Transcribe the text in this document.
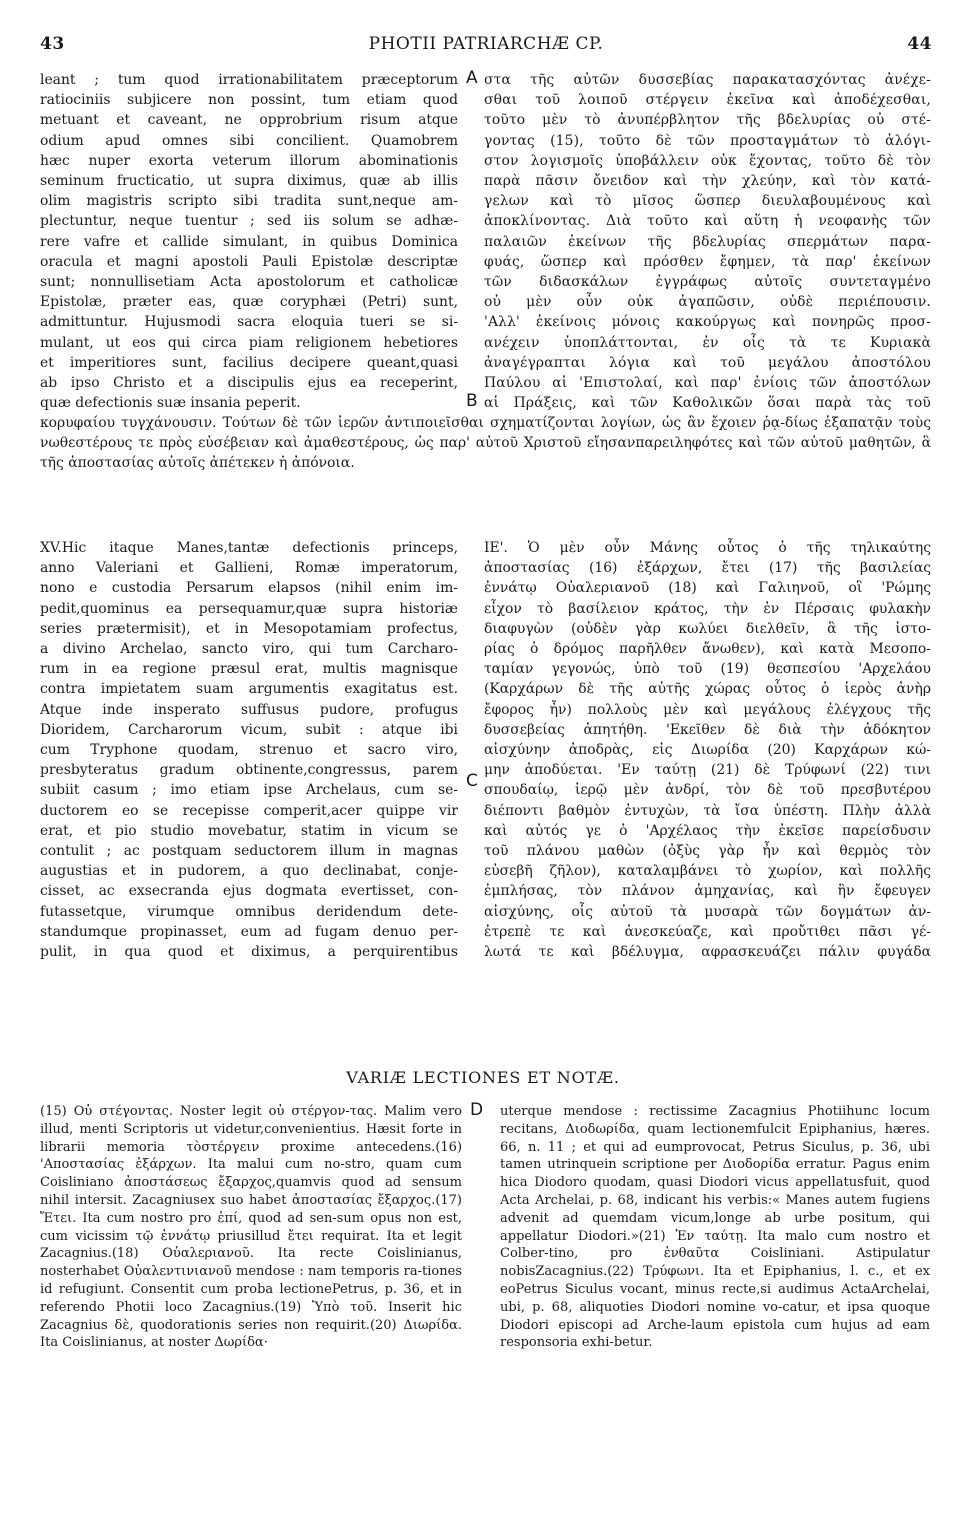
43	PHOTII PATRIARCHÆ CP.	44
leant ; tum quod irrationabilitatem præceptorum
ratiociniis subjicere non possint, tum etiam quod
metuant et caveant, ne opprobrium risum atque
odium apud omnes sibi concilient. Quamobrem
hæc nuper exorta veterum illorum abominationis
seminum fructicatio, ut supra diximus, quæ ab illis
olim magistris scripto sibi tradita sunt,neque am-
plectuntur, neque tuentur ; sed iis solum se adhæ-
rere vafre et callide simulant, in quibus Dominica
oracula et magni apostoli Pauli Epistolæ descriptæ
sunt; nonnullisetiam Acta apostolorum et catholicæ
Epistolæ, præter eas, quæ coryphæi (Petri) sunt,
admittuntur. Hujusmodi sacra eloquia tueri se si-
mulant, ut eos qui circa piam religionem hebetiores
et imperitiores sunt, facilius decipere queant,quasi
ab ipso Christo et a discipulis ejus ea receperint,
quæ defectionis suæ insania peperit.
στα τῆς αὐτῶν δυσσεβίας παρακατασχόντας ἀνέχε-
σθαι τοῦ λοιποῦ στέργειν ἐκεῖνα καὶ ἀποδέχεσθαι,
τοῦτο μὲν τὸ ἀνυπέρβλητον τῆς βδελυρίας οὐ στέ-
γοντας (15), τοῦτο δὲ τῶν προσταγμάτων τὸ ἀλόγι-
στον λογισμοῖς ὑποβάλλειν οὐκ ἔχοντας, τοῦτο δὲ τὸν
παρὰ πᾶσιν ὄνειδον καὶ τὴν χλεύην, καὶ τὸν κατά-
γελων καὶ τὸ μῖσος ὥσπερ διευλαβουμένους καὶ
ἀποκλίνοντας. Διὰ τοῦτο καὶ αὕτη ἡ νεοφανὴς τῶν
παλαιῶν ἐκείνων τῆς βδελυρίας σπερμάτων παρα-
φυάς, ὥσπερ καὶ πρόσθεν ἔφημεν, τὰ παρ' ἐκείνων
τῶν διδασκάλων ἐγγράφως αὐτοῖς συντεταγμένο
οὐ μὲν οὖν οὐκ ἀγαπῶσιν, οὐδὲ περιέπουσιν.
'Αλλ' ἐκείνοις μόνοις κακούργως καὶ πονηρῶς προσ-
ανέχειν ὑποπλάττονται, ἐν οἷς τὰ τε Κυριακὰ
ἀναγέγραπται λόγια καὶ τοῦ μεγάλου ἀποστόλου
Παύλου αἱ 'Επιστολαί, καὶ παρ' ἐνίοις τῶν ἀποστόλων
αἱ Πράξεις, καὶ τῶν Καθολικῶν ὅσαι παρὰ τὰς τοῦ
A
B
C
D
κορυφαίου τυγχάνουσιν. Τούτων δὲ τῶν ἱερῶν ἀντιποιεῖσθαι σχηματίζονται λογίων, ὡς ἂν ἔχοιεν ῥᾳ-δίως ἐξαπατᾷν τοὺς νωθεστέρους τε πρὸς εὐσέβειαν καὶ ἀμαθεστέρους, ὡς παρ' αὐτοῦ Χριστοῦ εἴησανπαρειληφότες καὶ τῶν αὐτοῦ μαθητῶν, ἃ τῆς ἀποστασίας αὐτοῖς ἀπέτεκεν ἡ ἀπόνοια.
XV.Hic itaque Manes,tantæ defectionis princeps,
anno Valeriani et Gallieni, Romæ imperatorum,
nono e custodia Persarum elapsos (nihil enim im-
pedit,quominus ea persequamur,quæ supra historiæ
series prætermisit), et in Mesopotamiam profectus,
a divino Archelao, sancto viro, qui tum Carcharo-
rum in ea regione præsul erat, multis magnisque
contra impietatem suam argumentis exagitatus est.
Atque inde insperato suffusus pudore, profugus
Dioridem, Carcharorum vicum, subit : atque ibi
cum Tryphone quodam, strenuo et sacro viro,
presbyteratus gradum obtinente,congressus, parem
subiit casum ; imo etiam ipse Archelaus, cum se-
ductorem eo se recepisse comperit,acer quippe vir
erat, et pio studio movebatur, statim in vicum se
contulit ; ac postquam seductorem illum in magnas
augustias et in pudorem, a quo declinabat, conje-
cisset, ac exsecranda ejus dogmata evertisset, con-
futassetque, virumque omnibus deridendum dete-
standumque propinasset, eum ad fugam denuo per-
pulit, in qua quod et diximus, a perquirentibus
ΙΕ'. Ὁ μὲν οὖν Μάνης οὗτος ὁ τῆς τηλικαύτης
ἀποστασίας (16) ἐξάρχων, ἔτει (17) τῆς βασιλείας
ἐννάτῳ Οὐαλεριανοῦ (18) καὶ Γαλιηνοῦ, οἳ 'Ρώμης
εἶχον τὸ βασίλειον κράτος, τὴν ἐν Πέρσαις φυλακὴν
διαφυγὼν (οὐδὲν γὰρ κωλύει διελθεῖν, ἃ τῆς ἱστο-
ρίας ὁ δρόμος παρῆλθεν ἄνωθεν), καὶ κατὰ Μεσοπο-
ταμίαν γεγονώς, ὑπὸ τοῦ (19) θεσπεσίου 'Αρχελάου
(Καρχάρων δὲ τῆς αὐτῆς χώρας οὗτος ὁ ἱερὸς ἀνὴρ
ἔφορος ἦν) πολλοὺς μὲν καὶ μεγάλους ἐλέγχους τῆς
δυσσεβείας ἀπητήθη. 'Εκεῖθεν δὲ διὰ τὴν ἀδόκητον
αἰσχύνην ἀποδρὰς, εἰς Διωρίδα (20) Καρχάρων κώ-
μην ἀποδύεται. 'Εν ταύτῃ (21) δὲ Τρύφωνί (22) τινι
σπουδαίῳ, ἱερῷ μὲν ἀνδρί, τὸν δὲ τοῦ πρεσβυτέρου
διέποντι βαθμὸν ἐντυχὼν, τὰ ἴσα ὑπέστη. Πλὴν ἀλλὰ
καὶ αὐτός γε ὁ 'Αρχέλαος τὴν ἐκεῖσε παρείσδυσιν
τοῦ πλάνου μαθὼν (ὀξὺς γὰρ ἦν καὶ θερμὸς τὸν
εὐσεβῆ ζῆλον), καταλαμβάνει τὸ χωρίον, καὶ πολλῆς
ἐμπλήσας, τὸν πλάνον ἀμηχανίας, καὶ ἣν ἔφευγεν
αἰσχύνης, οἷς αὐτοῦ τὰ μυσαρὰ τῶν δογμάτων ἀν-
ἐτρεπὲ τε καὶ ἀνεσκεύαζε, καὶ προὔτιθει πᾶσι γέ-
λωτά τε καὶ βδέλυγμα, αφρασκευάζει πάλιν φυγάδα
VARIÆ LECTIONES ET NOTÆ.
(15) Οὐ στέγοντας. Noster legit οὐ στέργον-τας. Malim vero illud, menti Scriptoris ut videtur,convenientius. Hæsit forte in librarii memoria τὸστέργειν proxime antecedens.(16) 'Αποστασίας ἐξάρχων. Ita malui cum no-stro, quam cum Coisliniano ἀποστάσεως ἔξαρχος,quamvis quod ad sensum nihil intersit. Zacagniusex suo habet ἀποστασίας ἔξαρχος.(17) Ἔτει. Ita cum nostro pro ἐπί, quod ad sen-sum opus non est, cum vicissim τῷ ἐννάτῳ priusillud ἔτει requirat. Ita et legit Zacagnius.(18) Οὐαλεριανοῦ. Ita recte Coislinianus, nosterhabet Οὐαλεντινιανοῦ mendose : nam temporis ra-tiones id refugiunt. Consentit cum proba lectionePetrus, p. 36, et in referendo Photii loco Zacagnius.(19) Ὑπὸ τοῦ. Inserit hic Zacagnius δὲ, quodorationis series non requirit.(20) Διωρίδα. Ita Coislinianus, at noster Δωρίδα·
uterque mendose : rectissime Zacagnius Photiihunc locum recitans, Διοδωρίδα, quam lectionemfulcit Epiphanius, hæres. 66, n. 11 ; et qui ad eumprovocat, Petrus Siculus, p. 36, ubi tamen utrinquein scriptione per Διοδορίδα erratur. Pagus enim hica Diodoro quodam, quasi Diodori vicus appellatusfuit, quod Acta Archelai, p. 68, indicant his verbis:« Manes autem fugiens advenit ad quemdam vicum,longe ab urbe positum, qui appellatur Diodori.»(21) Ἐν ταύτῃ. Ita malo cum nostro et Colber-tino, pro ἐνθαῦτα Coisliniani. Astipulatur nobisZacagnius.(22) Τρύφωνι. Ita et Epiphanius, l. c., et ex eoPetrus Siculus vocant, minus recte,si audimus ActaArchelai, ubi, p. 68, aliquoties Diodori nomine vo-catur, et ipsa quoque Diodori episcopi ad Arche-laum epistola cum hujus ad eam responsoria exhi-betur.
